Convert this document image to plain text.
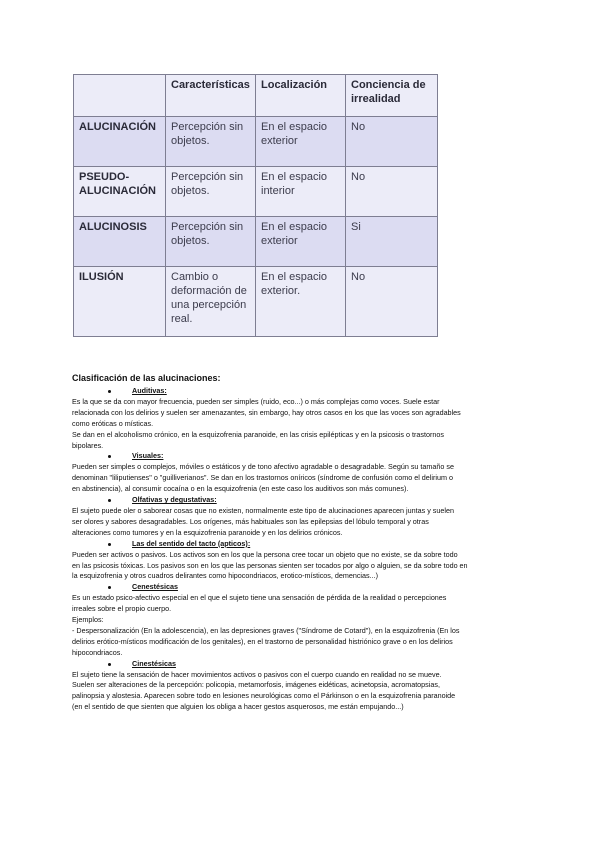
	Características	Localización	Conciencia de irrealidad
ALUCINACIÓN	Percepción sin objetos.	En el espacio exterior	No
PSEUDO-ALUCINACIÓN	Percepción sin objetos.	En el espacio interior	No
ALUCINOSIS	Percepción sin objetos.	En el espacio exterior	Si
ILUSIÓN	Cambio o deformación de una percepción real.	En el espacio exterior.	No
Clasificación de las alucinaciones:
Auditivas:

Es la que se da con mayor frecuencia, pueden ser simples (ruido, eco...) o más complejas como voces. Suele estar

relacionada con los delirios y suelen ser amenazantes, sin embargo, hay otros casos en los que las voces son agradables

como eróticas o místicas.

Se dan en el alcoholismo crónico, en la esquizofrenia paranoide, en las crisis epilépticas y en la psicosis o trastornos

bipolares.

Visuales:

Pueden ser simples o complejos, móviles o estáticos y de tono afectivo agradable o desagradable. Según su tamaño se

denominan "liliputienses" o "guilliverianos". Se dan en los trastornos oníricos (síndrome de confusión como el delirium o

en abstinencia), al consumir cocaína o en la esquizofrenia (en este caso los auditivos son más comunes).

Olfativas y degustativas:

El sujeto puede oler o saborear cosas que no existen, normalmente este tipo de alucinaciones aparecen juntas y suelen

ser olores y sabores desagradables. Los orígenes, más habituales son las epilepsias del lóbulo temporal y otras

alteraciones como tumores y en la esquizofrenia paranoide y en los delirios crónicos.

Las del sentido del tacto (apticos):

Pueden ser activos o pasivos. Los activos son en los que la persona cree tocar un objeto que no existe, se da sobre todo

en las psicosis tóxicas. Los pasivos son en los que las personas sienten ser tocados por algo o alguien, se da sobre todo en

la esquizofrenia y otros cuadros delirantes como hipocondriacos, erotico-místicos, demencias...)

Cenestésicas

Es un estado psico-afectivo especial en el que el sujeto tiene una sensación de pérdida de la realidad o percepciones

irreales sobre el propio cuerpo.

Ejemplos:

- Despersonalización (En la adolescencia), en las depresiones graves ("Síndrome de Cotard"), en la esquizofrenia (En los

delirios erótico-místicos modificación de los genitales), en el trastorno de personalidad histriónico grave o en los delirios

hipocondriacos.

Cinestésicas

El sujeto tiene la sensación de hacer movimientos activos o pasivos con el cuerpo cuando en realidad no se mueve.

Suelen ser alteraciones de la percepción: policopia, metamorfosis, imágenes eidéticas, acinetopsia, acromatopsias,

palinopsia y alostesia. Aparecen sobre todo en lesiones neurológicas como el Párkinson o en la esquizofrenia paranoide

(en el sentido de que sienten que alguien los obliga a hacer gestos asquerosos, me están empujando...)
